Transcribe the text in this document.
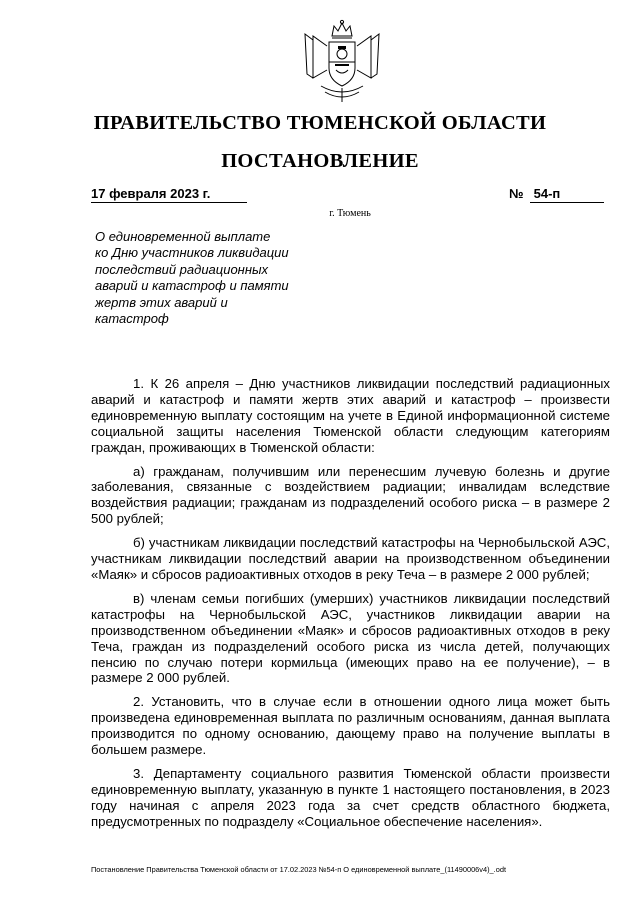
ПРАВИТЕЛЬСТВО ТЮМЕНСКОЙ ОБЛАСТИ
ПОСТАНОВЛЕНИЕ
17 февраля 2023 г.	№ 54-п
г. Тюмень
О единовременной выплате
ко Дню участников ликвидации
последствий радиационных
аварий и катастроф и памяти
жертв этих аварий и
катастроф

1. К 26 апреля – Дню участников ликвидации последствий радиационных аварий и катастроф и памяти жертв этих аварий и катастроф – произвести единовременную выплату состоящим на учете в Единой информационной системе социальной защиты населения Тюменской области следующим категориям граждан, проживающих в Тюменской области:

а) гражданам, получившим или перенесшим лучевую болезнь и другие заболевания, связанные с воздействием радиации; инвалидам вследствие воздействия радиации; гражданам из подразделений особого риска – в размере 2 500 рублей;

б) участникам ликвидации последствий катастрофы на Чернобыльской АЭС, участникам ликвидации последствий аварии на производственном объединении «Маяк» и сбросов радиоактивных отходов в реку Теча – в размере 2 000 рублей;

в) членам семьи погибших (умерших) участников ликвидации последствий катастрофы на Чернобыльской АЭС, участников ликвидации аварии на производственном объединении «Маяк» и сбросов радиоактивных отходов в реку Теча, граждан из подразделений особого риска из числа детей, получающих пенсию по случаю потери кормильца (имеющих право на ее получение), – в размере 2 000 рублей.

2. Установить, что в случае если в отношении одного лица может быть произведена единовременная выплата по различным основаниям, данная выплата производится по одному основанию, дающему право на получение выплаты в большем размере.

3. Департаменту социального развития Тюменской области произвести единовременную выплату, указанную в пункте 1 настоящего постановления, в 2023 году начиная с апреля 2023 года за счет средств областного бюджета, предусмотренных по подразделу «Социальное обеспечение населения».

Постановление Правительства Тюменской области от 17.02.2023 №54-п О единовременной выплате_(11490006v4)_.odt
